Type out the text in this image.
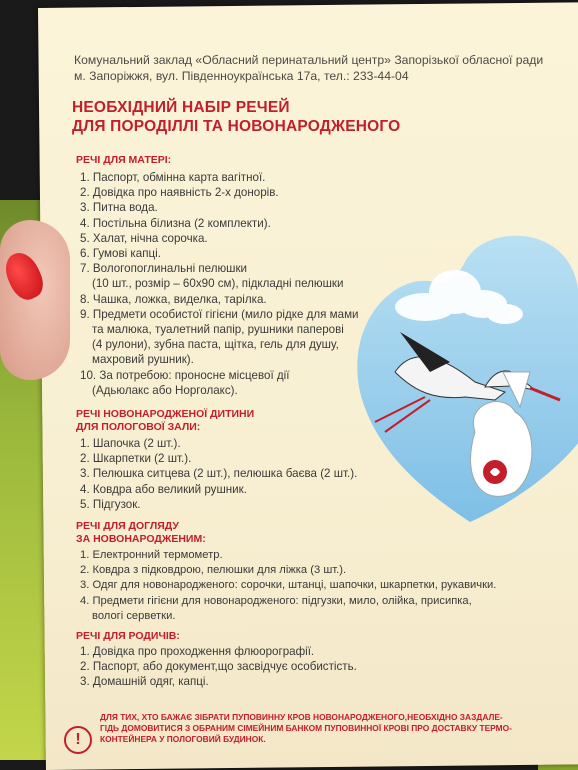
Комунальний заклад «Обласний перинатальний центр» Запорізької обласної ради
м. Запоріжжя, вул. Південноукраїнська 17а, тел.: 233-44-04
НЕОБХІДНИЙ НАБІР РЕЧЕЙ
ДЛЯ ПОРОДІЛЛІ ТА НОВОНАРОДЖЕНОГО
РЕЧІ ДЛЯ МАТЕРІ:
1. Паспорт, обмінна карта вагітної.
2. Довідка про наявність 2-х донорів.
3. Питна вода.
4. Постільна білизна (2 комплекти).
5. Халат, нічна сорочка.
6. Гумові капці.
7. Вологопоглинальні пелюшки
(10 шт., розмір – 60х90 см), підкладні пелюшки
8. Чашка, ложка, виделка, тарілка.
9. Предмети особистої гігієни (мило рідке для мами
та малюка, туалетний папір, рушники паперові
(4 рулони), зубна паста, щітка, гель для душу,
махровий рушник).
10. За потребою: проносне місцевої дії
(Адьюлакс або Норголакс).
РЕЧІ НОВОНАРОДЖЕНОЇ ДИТИНИ
ДЛЯ ПОЛОГОВОЇ ЗАЛИ:
1. Шапочка (2 шт.).
2. Шкарпетки (2 шт.).
3. Пелюшка ситцева (2 шт.), пелюшка баєва (2 шт.).
4. Ковдра або великий рушник.
5. Підгузок.
РЕЧІ ДЛЯ ДОГЛЯДУ
ЗА НОВОНАРОДЖЕНИМ:
1. Електронний термометр.
2. Ковдра з підковдрою, пелюшки для ліжка (3 шт.).
3. Одяг для новонародженого: сорочки, штанці, шапочки, шкарпетки, рукавички.
4. Предмети гігієни для новонародженого: підгузки, мило, олійка, присипка,
вологі серветки.
РЕЧІ ДЛЯ РОДИЧІВ:
1. Довідка про проходження флюорографії.
2. Паспорт, або документ,що засвідчує особистість.
3. Домашній одяг, капці.
!
ДЛЯ ТИХ, ХТО БАЖАЄ ЗІБРАТИ ПУПОВИННУ КРОВ НОВОНАРОДЖЕНОГО,НЕОБХІДНО ЗАЗДАЛЕ-
ГІДЬ ДОМОВИТИСЯ З ОБРАНИМ СІМЕЙНИМ БАНКОМ ПУПОВИННОЇ КРОВІ ПРО ДОСТАВКУ ТЕРМО-
КОНТЕЙНЕРА У ПОЛОГОВИЙ БУДИНОК.
